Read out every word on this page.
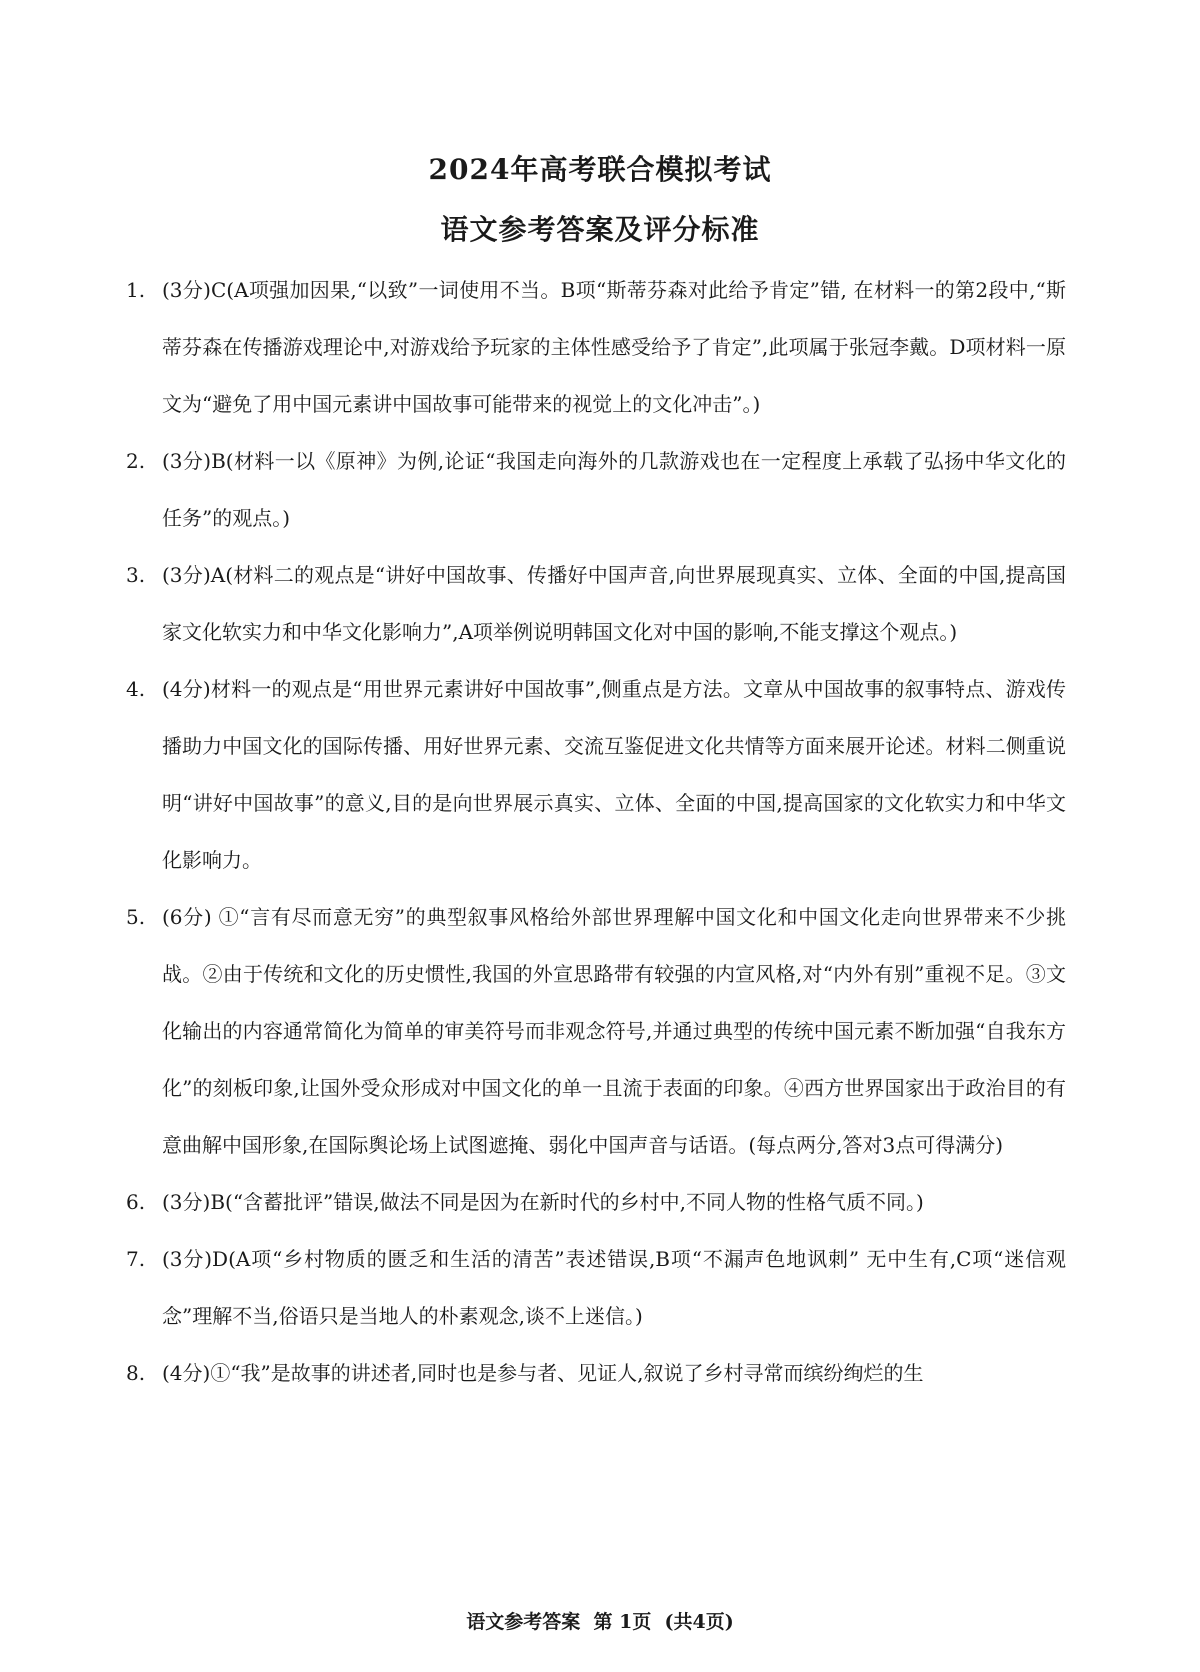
2024年高考联合模拟考试
语文参考答案及评分标准
1. (3分)C(A项强加因果,“以致”一词使用不当。B项“斯蒂芬森对此给予肯定”错, 在材料一的第2段中,“斯蒂芬森在传播游戏理论中,对游戏给予玩家的主体性感受给予了肯定”,此项属于张冠李戴。D项材料一原文为“避免了用中国元素讲中国故事可能带来的视觉上的文化冲击”。)
2. (3分)B(材料一以《原神》为例,论证“我国走向海外的几款游戏也在一定程度上承载了弘扬中华文化的任务”的观点。)
3. (3分)A(材料二的观点是“讲好中国故事、传播好中国声音,向世界展现真实、立体、全面的中国,提高国家文化软实力和中华文化影响力”,A项举例说明韩国文化对中国的影响,不能支撑这个观点。)
4. (4分)材料一的观点是“用世界元素讲好中国故事”,侧重点是方法。文章从中国故事的叙事特点、游戏传播助力中国文化的国际传播、用好世界元素、交流互鉴促进文化共情等方面来展开论述。材料二侧重说明“讲好中国故事”的意义,目的是向世界展示真实、立体、全面的中国,提高国家的文化软实力和中华文化影响力。
5. (6分) ①“言有尽而意无穷”的典型叙事风格给外部世界理解中国文化和中国文化走向世界带来不少挑战。②由于传统和文化的历史惯性,我国的外宣思路带有较强的内宣风格,对“内外有别”重视不足。③文化输出的内容通常简化为简单的审美符号而非观念符号,并通过典型的传统中国元素不断加强“自我东方化”的刻板印象,让国外受众形成对中国文化的单一且流于表面的印象。④西方世界国家出于政治目的有意曲解中国形象,在国际舆论场上试图遮掩、弱化中国声音与话语。(每点两分,答对3点可得满分)
6. (3分)B(“含蓄批评”错误,做法不同是因为在新时代的乡村中,不同人物的性格气质不同。)
7. (3分)D(A项“乡村物质的匮乏和生活的清苦”表述错误,B项“不漏声色地讽刺” 无中生有,C项“迷信观念”理解不当,俗语只是当地人的朴素观念,谈不上迷信。)
8. (4分)①“我”是故事的讲述者,同时也是参与者、见证人,叙说了乡村寻常而缤纷绚烂的生
语文参考答案  第 1页  (共4页)
